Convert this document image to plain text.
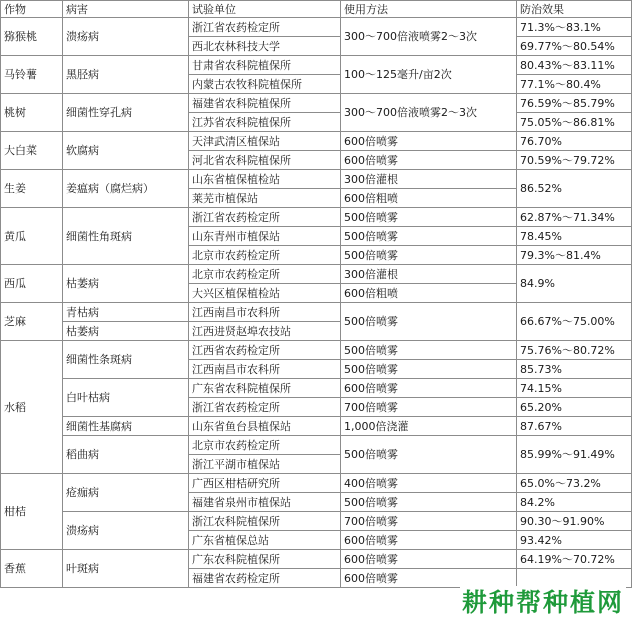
作物	病害	试验单位	使用方法	防治效果
猕猴桃	溃疡病	浙江省农药检定所	300～700倍液喷雾2～3次	71.3%～83.1%
		西北农林科技大学		69.77%～80.54%
马铃薯	黑胫病	甘肃省农科院植保所	100～125毫升/亩2次	80.43%～83.11%
		内蒙古农牧科院植保所		77.1%～80.4%
桃树	细菌性穿孔病	福建省农科院植保所	300～700倍液喷雾2～3次	76.59%～85.79%
		江苏省农科院植保所		75.05%～86.81%
大白菜	软腐病	天津武清区植保站	600倍喷雾	76.70%
		河北省农科院植保所	600倍喷雾	70.59%～79.72%
生姜	姜瘟病（腐烂病）	山东省植保植检站	300倍灌根	86.52%
		莱芜市植保站	600倍粗喷	
黄瓜	细菌性角斑病	浙江省农药检定所	500倍喷雾	62.87%～71.34%
		山东青州市植保站	500倍喷雾	78.45%
		北京市农药检定所	500倍喷雾	79.3%～81.4%
西瓜	枯萎病	北京市农药检定所	300倍灌根	84.9%
		大兴区植保植检站	600倍粗喷	
芝麻	青枯病	江西南昌市农科所	500倍喷雾	66.67%～75.00%
	枯萎病	江西进贤赵埠农技站		
水稻	细菌性条斑病	江西省农药检定所	500倍喷雾	75.76%～80.72%
		江西南昌市农科所	500倍喷雾	85.73%
	白叶枯病	广东省农科院植保所	600倍喷雾	74.15%
		浙江省农药检定所	700倍喷雾	65.20%
	细菌性基腐病	山东省鱼台县植保站	1,000倍浇灌	87.67%
	稻曲病	北京市农药检定所	500倍喷雾	85.99%～91.49%
		浙江平湖市植保站		
柑桔	疮痂病	广西区柑桔研究所	400倍喷雾	65.0%～73.2%
		福建省泉州市植保站	500倍喷雾	84.2%
	溃疡病	浙江农科院植保所	700倍喷雾	90.30～91.90%
		广东省植保总站	600倍喷雾	93.42%
香蕉	叶斑病	广东农科院植保所	600倍喷雾	64.19%～70.72%
		福建省农药检定所	600倍喷雾	
耕种帮种植网
